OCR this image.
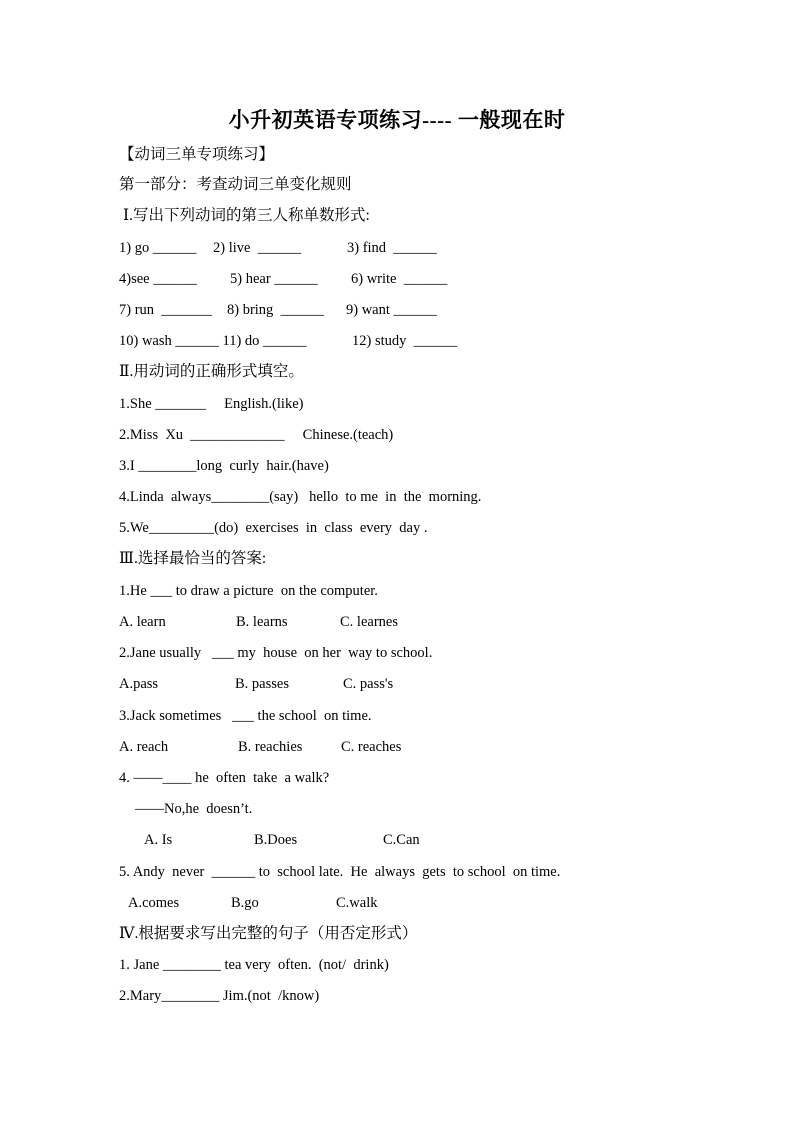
小升初英语专项练习---- 一般现在时
【动词三单专项练习】
第一部分：考查动词三单变化规则
Ⅰ.写出下列动词的第三人称单数形式:
1) go ______ 2) live  ______	3) find  ______
4)see ______ 5) hear ______ 6) write  ______
7) run  _______ 8) bring  ______ 9) want ______
10) wash ______ 11) do ______	12) study  ______
Ⅱ.用动词的正确形式填空。
1.She _______     English.(like)
2.Miss  Xu  _____________     Chinese.(teach)
3.I ________long  curly  hair.(have)
4.Linda  always________(say)   hello  to me  in  the  morning.
5.We_________(do)  exercises  in  class  every  day .
Ⅲ.选择最恰当的答案:
1.He ___ to draw a picture  on the computer.
A. learn	B. learns	C. learnes
2.Jane usually   ___ my  house  on her  way to school.
A.pass	B. passes	C. pass's
3.Jack sometimes   ___ the school  on time.
A. reach	B. reachies	C. reaches
4. ——____ he  often  take  a walk?
——No,he  doesn’t.
A. Is	B.Does	C.Can
5. Andy  never  ______ to  school late.  He  always  gets  to school  on time.
A.comes	B.go	C.walk
Ⅳ.根据要求写出完整的句子（用否定形式）
1. Jane ________ tea very  often.  (not/  drink)
2.Mary________ Jim.(not  /know)
